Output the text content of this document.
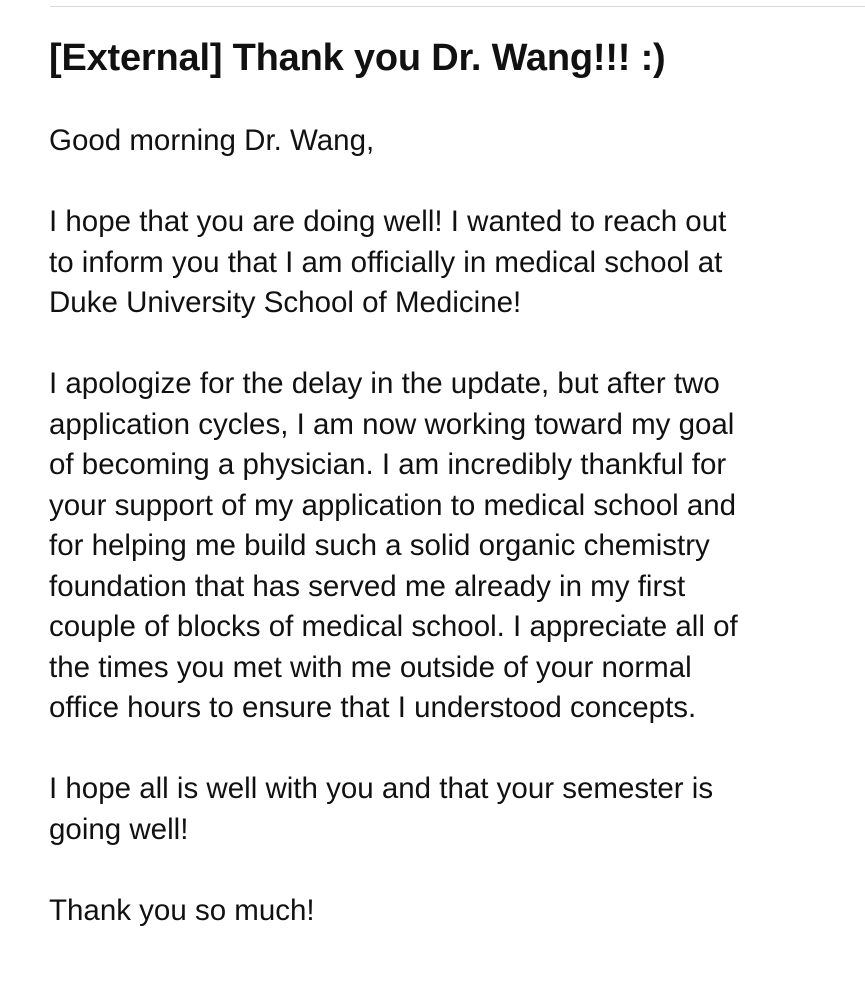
[External] Thank you Dr. Wang!!! :)

Good morning Dr. Wang,

I hope that you are doing well! I wanted to reach out
to inform you that I am officially in medical school at
Duke University School of Medicine!

I apologize for the delay in the update, but after two
application cycles, I am now working toward my goal
of becoming a physician. I am incredibly thankful for
your support of my application to medical school and
for helping me build such a solid organic chemistry
foundation that has served me already in my first
couple of blocks of medical school. I appreciate all of
the times you met with me outside of your normal
office hours to ensure that I understood concepts.

I hope all is well with you and that your semester is
going well!

Thank you so much!
